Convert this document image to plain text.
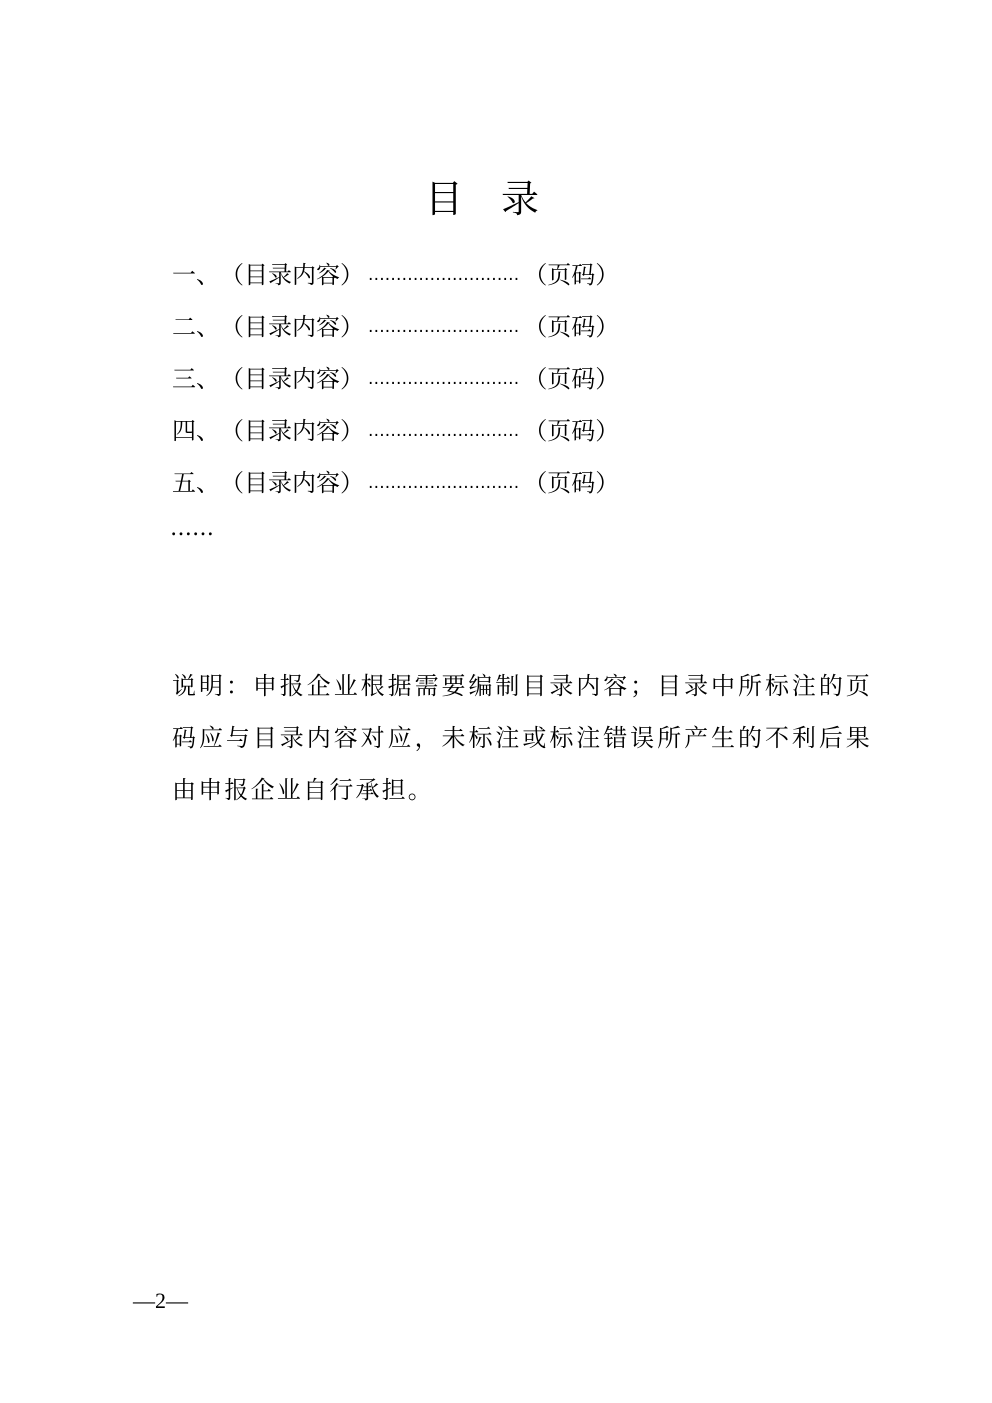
目录
一、 （目录内容） ........................... （页码）
二、 （目录内容） ........................... （页码）
三、 （目录内容） ........................... （页码）
四、 （目录内容） ........................... （页码）
五、 （目录内容） ........................... （页码）
……
说明：申报企业根据需要编制目录内容；目录中所标注的页码应与目录内容对应，未标注或标注错误所产生的不利后果由申报企业自行承担。
—2—
